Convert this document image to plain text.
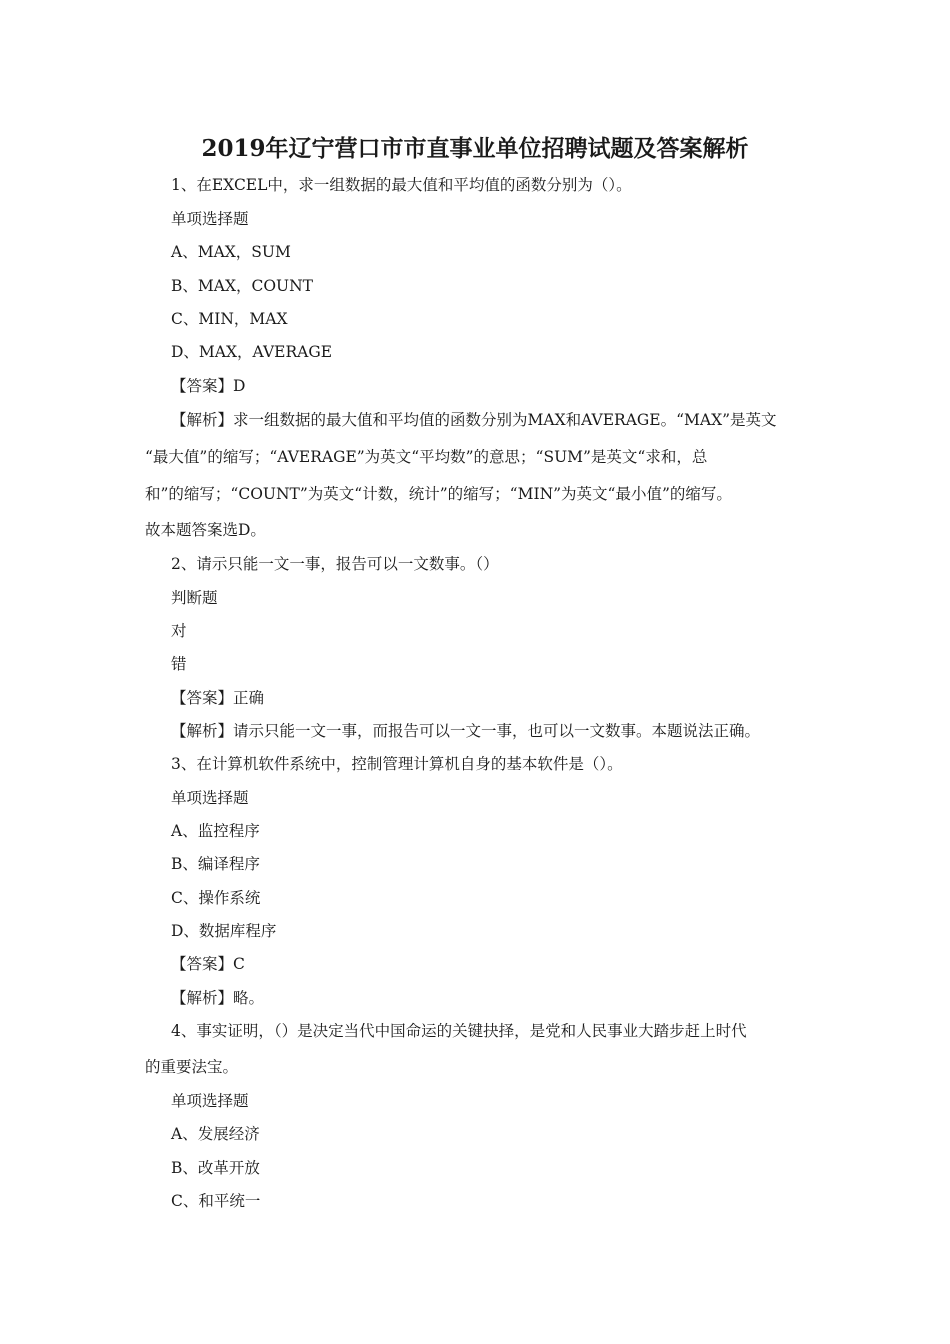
2019年辽宁营口市市直事业单位招聘试题及答案解析
1、在EXCEL中，求一组数据的最大值和平均值的函数分别为（）。
单项选择题
A、MAX，SUM
B、MAX，COUNT
C、MIN，MAX
D、MAX，AVERAGE
【答案】D
【解析】求一组数据的最大值和平均值的函数分别为MAX和AVERAGE。“MAX”是英文
“最大值”的缩写；“AVERAGE”为英文“平均数”的意思；“SUM”是英文“求和，总
和”的缩写；“COUNT”为英文“计数，统计”的缩写；“MIN”为英文“最小值”的缩写。
故本题答案选D。
2、请示只能一文一事，报告可以一文数事。（）
判断题
对
错
【答案】正确
【解析】请示只能一文一事，而报告可以一文一事，也可以一文数事。本题说法正确。
3、在计算机软件系统中，控制管理计算机自身的基本软件是（）。
单项选择题
A、监控程序
B、编译程序
C、操作系统
D、数据库程序
【答案】C
【解析】略。
4、事实证明，（）是决定当代中国命运的关键抉择，是党和人民事业大踏步赶上时代
的重要法宝。
单项选择题
A、发展经济
B、改革开放
C、和平统一
